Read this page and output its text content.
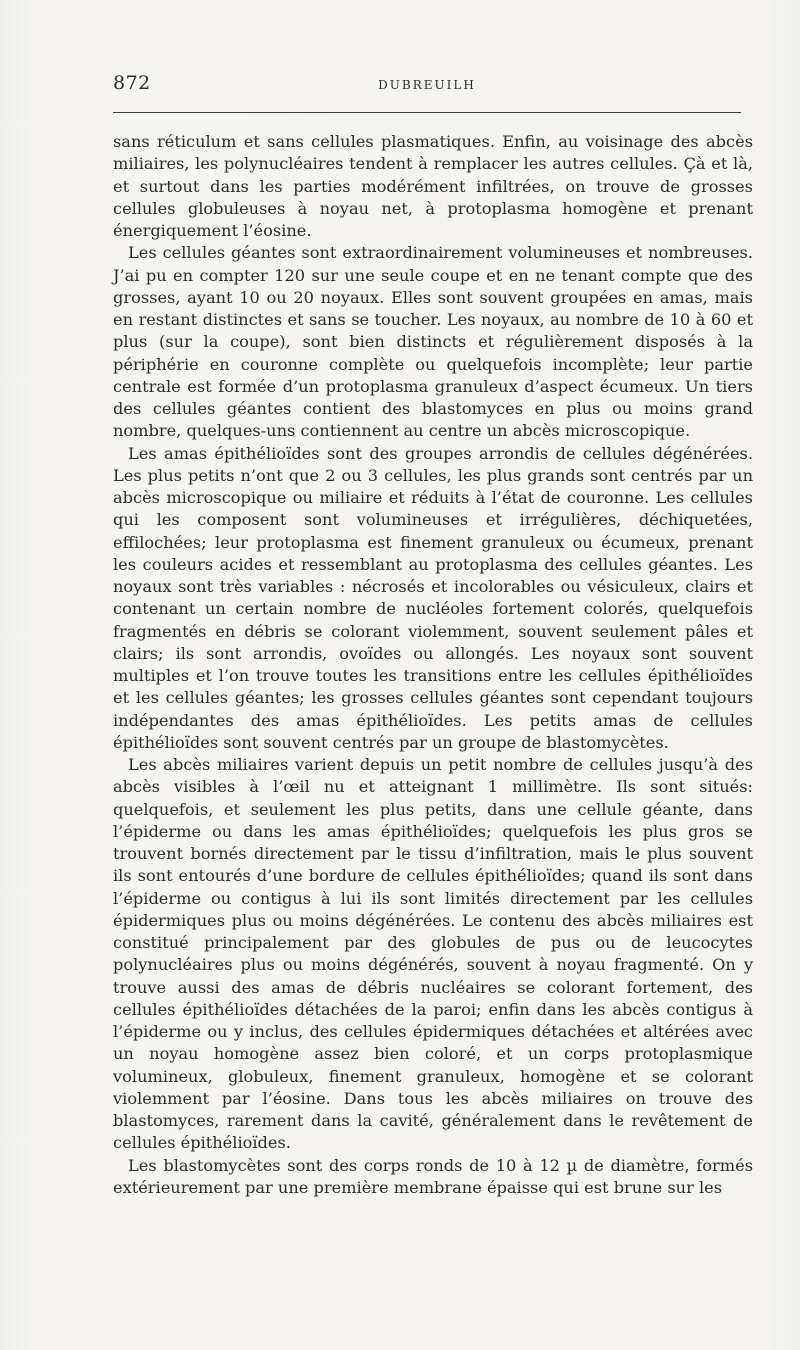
872	DUBREUILH

sans réticulum et sans cellules plasmatiques. Enfin, au voisinage des abcès miliaires, les polynucléaires tendent à remplacer les autres cellules. Çà et là, et surtout dans les parties modérément infiltrées, on trouve de grosses cellules globuleuses à noyau net, à protoplasma homogène et prenant énergiquement l’éosine.

Les cellules géantes sont extraordinairement volumineuses et nombreuses. J’ai pu en compter 120 sur une seule coupe et en ne tenant compte que des grosses, ayant 10 ou 20 noyaux. Elles sont souvent groupées en amas, mais en restant distinctes et sans se toucher. Les noyaux, au nombre de 10 à 60 et plus (sur la coupe), sont bien distincts et régulièrement disposés à la périphérie en couronne complète ou quelquefois incomplète; leur partie centrale est formée d’un protoplasma granuleux d’aspect écumeux. Un tiers des cellules géantes contient des blastomyces en plus ou moins grand nombre, quelques-uns contiennent au centre un abcès microscopique.

Les amas épithélioïdes sont des groupes arrondis de cellules dégénérées. Les plus petits n’ont que 2 ou 3 cellules, les plus grands sont centrés par un abcès microscopique ou miliaire et réduits à l’état de couronne. Les cellules qui les composent sont volumineuses et irrégulières, déchiquetées, effilochées; leur protoplasma est finement granuleux ou écumeux, prenant les couleurs acides et ressemblant au protoplasma des cellules géantes. Les noyaux sont très variables : nécrosés et incolorables ou vésiculeux, clairs et contenant un certain nombre de nucléoles fortement colorés, quelquefois fragmentés en débris se colorant violemment, souvent seulement pâles et clairs; ils sont arrondis, ovoïdes ou allongés. Les noyaux sont souvent multiples et l’on trouve toutes les transitions entre les cellules épithélioïdes et les cellules géantes; les grosses cellules géantes sont cependant toujours indépendantes des amas épithélioïdes. Les petits amas de cellules épithélioïdes sont souvent centrés par un groupe de blastomycètes.

Les abcès miliaires varient depuis un petit nombre de cellules jusqu’à des abcès visibles à l’œil nu et atteignant 1 millimètre. Ils sont situés: quelquefois, et seulement les plus petits, dans une cellule géante, dans l’épiderme ou dans les amas épithélioïdes; quelquefois les plus gros se trouvent bornés directement par le tissu d’infiltration, mais le plus souvent ils sont entourés d’une bordure de cellules épithélioïdes; quand ils sont dans l’épiderme ou contigus à lui ils sont limités directement par les cellules épidermiques plus ou moins dégénérées. Le contenu des abcès miliaires est constitué principalement par des globules de pus ou de leucocytes polynucléaires plus ou moins dégénérés, souvent à noyau fragmenté. On y trouve aussi des amas de débris nucléaires se colorant fortement, des cellules épithélioïdes détachées de la paroi; enfin dans les abcès contigus à l’épiderme ou y inclus, des cellules épidermiques détachées et altérées avec un noyau homogène assez bien coloré, et un corps protoplasmique volumineux, globuleux, finement granuleux, homogène et se colorant violemment par l’éosine. Dans tous les abcès miliaires on trouve des blastomyces, rarement dans la cavité, généralement dans le revêtement de cellules épithélioïdes.

Les blastomycètes sont des corps ronds de 10 à 12 µ de diamètre, formés extérieurement par une première membrane épaisse qui est brune sur les
